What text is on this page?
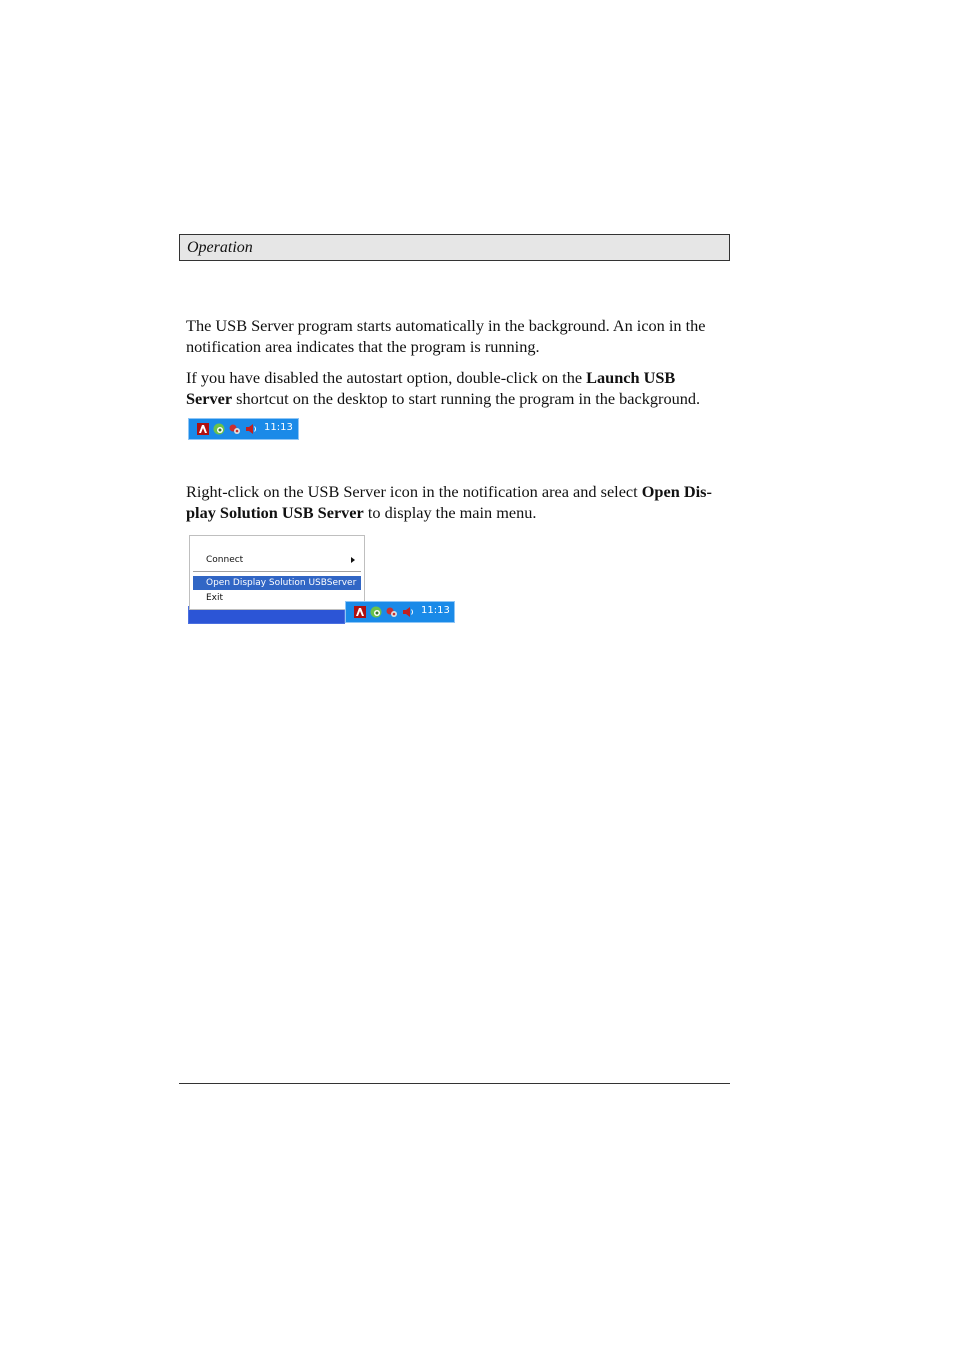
Operation

The USB Server program starts automatically in the background. An icon in the
notification area indicates that the program is running.

If you have disabled the autostart option, double-click on the Launch USB
Server shortcut on the desktop to start running the program in the background.

11:13

Right-click on the USB Server icon in the notification area and select Open Dis-
play Solution USB Server to display the main menu.

Connect
Open Display Solution USBServer
Exit
11:13
